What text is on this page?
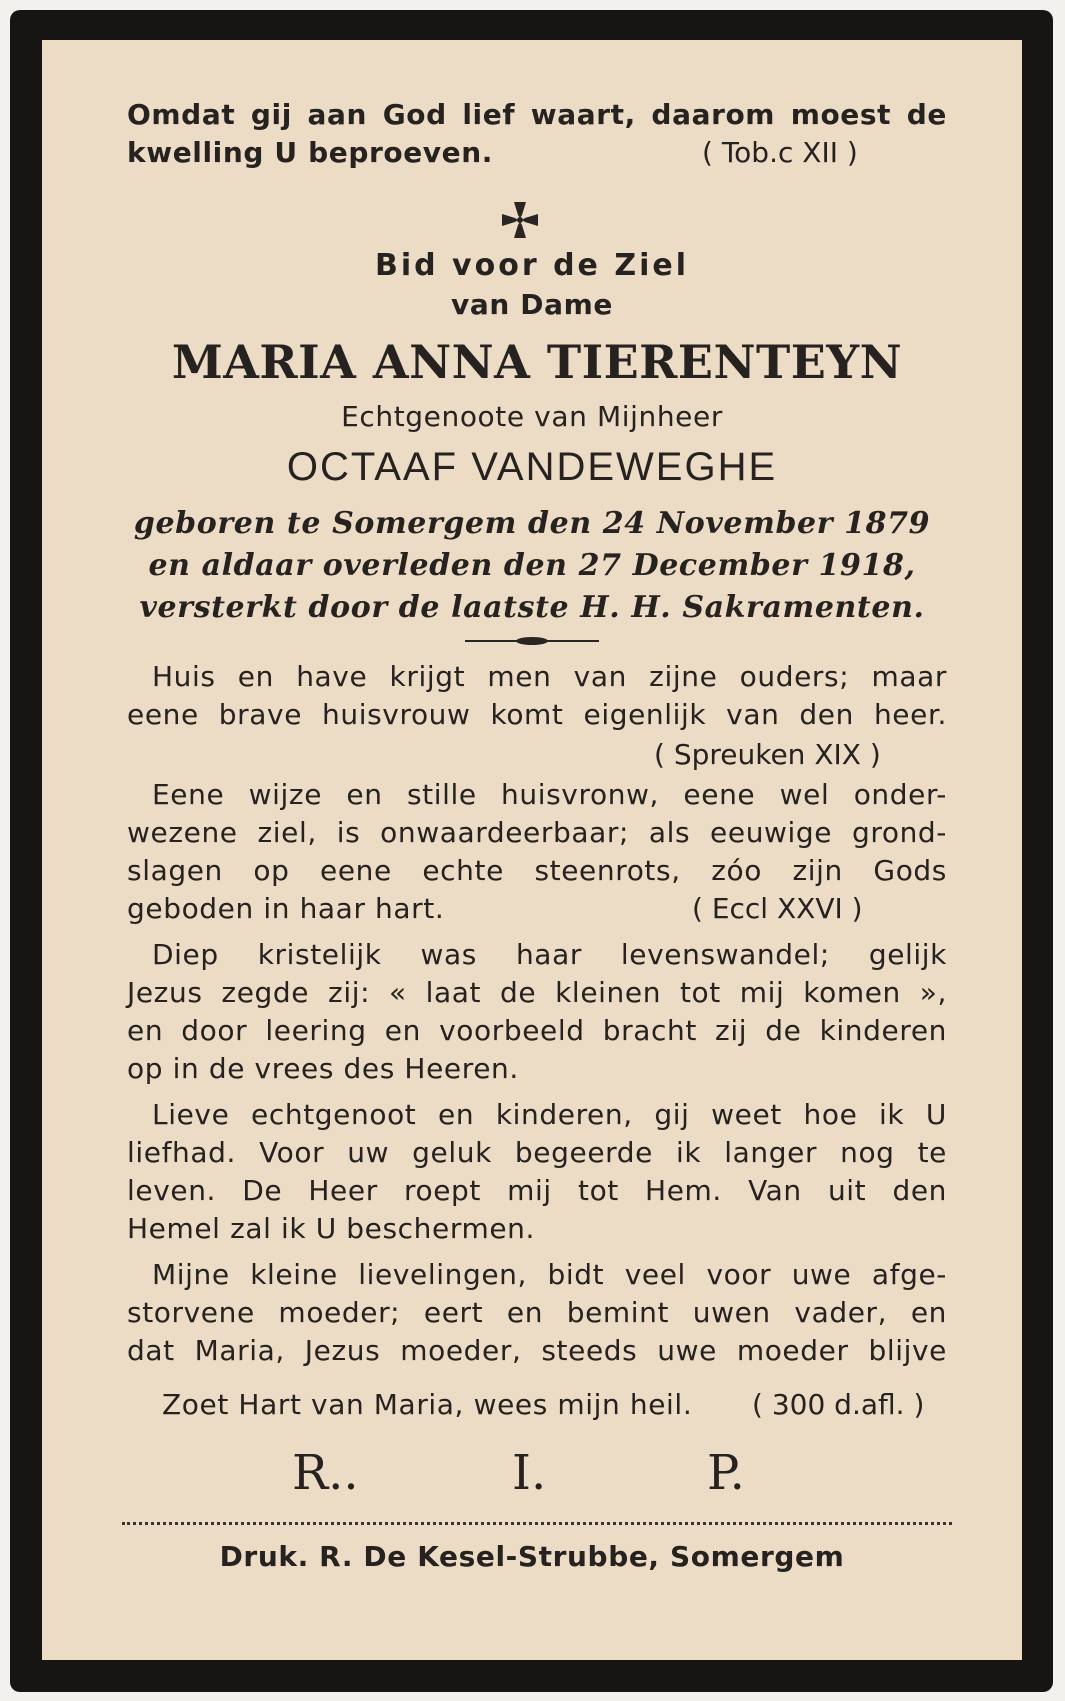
Omdat gij aan God lief waart, daarom moest de
kwelling U beproeven.	( Tob.c XII )
Bid voor de Ziel
van Dame
MARIA ANNA TIERENTEYN
Echtgenoote van Mijnheer
OCTAAF VANDEWEGHE
geboren te Somergem den 24 November 1879
en aldaar overleden den 27 December 1918,
versterkt door de laatste H. H. Sakramenten.
Huis en have krijgt men van zijne ouders; maar
eene brave huisvrouw komt eigenlijk van den heer.
( Spreuken XIX )
Eene wijze en stille huisvronw, eene wel onder-
wezene ziel, is onwaardeerbaar; als eeuwige grond-
slagen op eene echte steenrots, zóo zijn Gods
geboden in haar hart.	( Eccl XXVI )
Diep kristelijk was haar levenswandel; gelijk
Jezus zegde zij: « laat de kleinen tot mij komen »,
en door leering en voorbeeld bracht zij de kinderen
op in de vrees des Heeren.
Lieve echtgenoot en kinderen, gij weet hoe ik U
liefhad. Voor uw geluk begeerde ik langer nog te
leven. De Heer roept mij tot Hem. Van uit den
Hemel zal ik U beschermen.
Mijne kleine lievelingen, bidt veel voor uwe afge-
storvene moeder; eert en bemint uwen vader, en
dat Maria, Jezus moeder, steeds uwe moeder blijve
Zoet Hart van Maria, wees mijn heil. ( 300 d.afl. )
R..	I.	P.
Druk. R. De Kesel-Strubbe, Somergem
